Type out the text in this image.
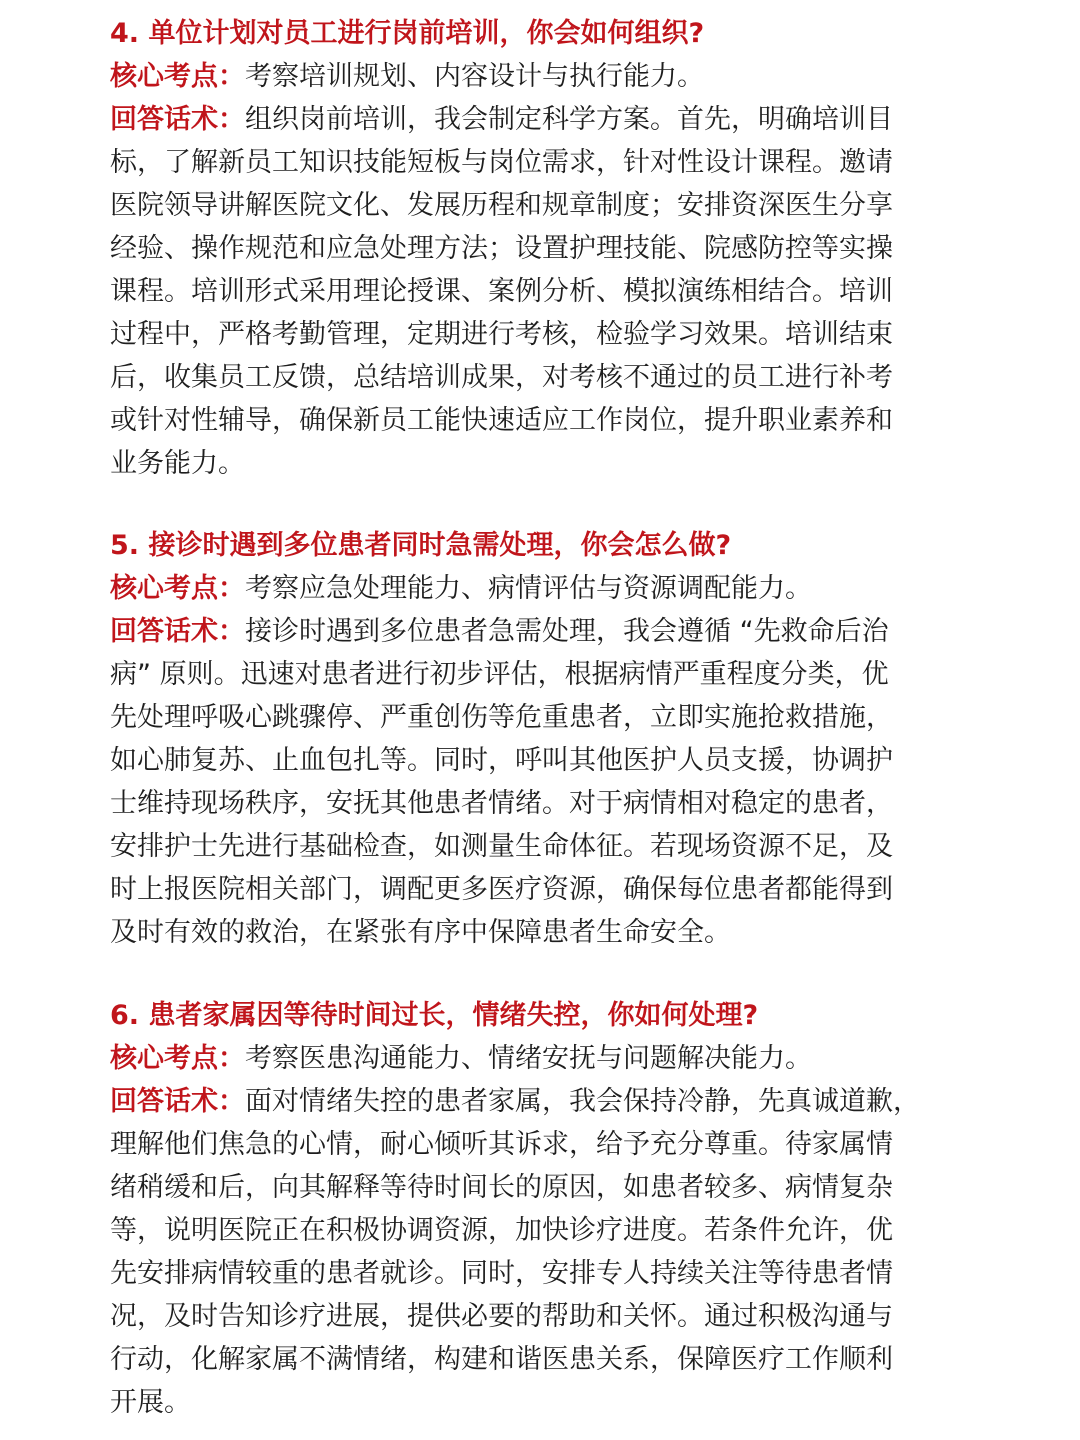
4. 单位计划对员工进行岗前培训，你会如何组织?
核心考点：考察培训规划、内容设计与执行能力。
回答话术：组织岗前培训，我会制定科学方案。首先，明确培训目
标，了解新员工知识技能短板与岗位需求，针对性设计课程。邀请
医院领导讲解医院文化、发展历程和规章制度；安排资深医生分享
经验、操作规范和应急处理方法；设置护理技能、院感防控等实操
课程。培训形式采用理论授课、案例分析、模拟演练相结合。培训
过程中，严格考勤管理，定期进行考核，检验学习效果。培训结束
后，收集员工反馈，总结培训成果，对考核不通过的员工进行补考
或针对性辅导，确保新员工能快速适应工作岗位，提升职业素养和
业务能力。
5. 接诊时遇到多位患者同时急需处理，你会怎么做?
核心考点：考察应急处理能力、病情评估与资源调配能力。
回答话术：接诊时遇到多位患者急需处理，我会遵循 “先救命后治
病” 原则。迅速对患者进行初步评估，根据病情严重程度分类，优
先处理呼吸心跳骤停、严重创伤等危重患者，立即实施抢救措施，
如心肺复苏、止血包扎等。同时，呼叫其他医护人员支援，协调护
士维持现场秩序，安抚其他患者情绪。对于病情相对稳定的患者，
安排护士先进行基础检查，如测量生命体征。若现场资源不足，及
时上报医院相关部门，调配更多医疗资源，确保每位患者都能得到
及时有效的救治，在紧张有序中保障患者生命安全。
6. 患者家属因等待时间过长，情绪失控，你如何处理?
核心考点：考察医患沟通能力、情绪安抚与问题解决能力。
回答话术：面对情绪失控的患者家属，我会保持冷静，先真诚道歉，
理解他们焦急的心情，耐心倾听其诉求，给予充分尊重。待家属情
绪稍缓和后，向其解释等待时间长的原因，如患者较多、病情复杂
等，说明医院正在积极协调资源，加快诊疗进度。若条件允许，优
先安排病情较重的患者就诊。同时，安排专人持续关注等待患者情
况，及时告知诊疗进展，提供必要的帮助和关怀。通过积极沟通与
行动，化解家属不满情绪，构建和谐医患关系，保障医疗工作顺利
开展。
